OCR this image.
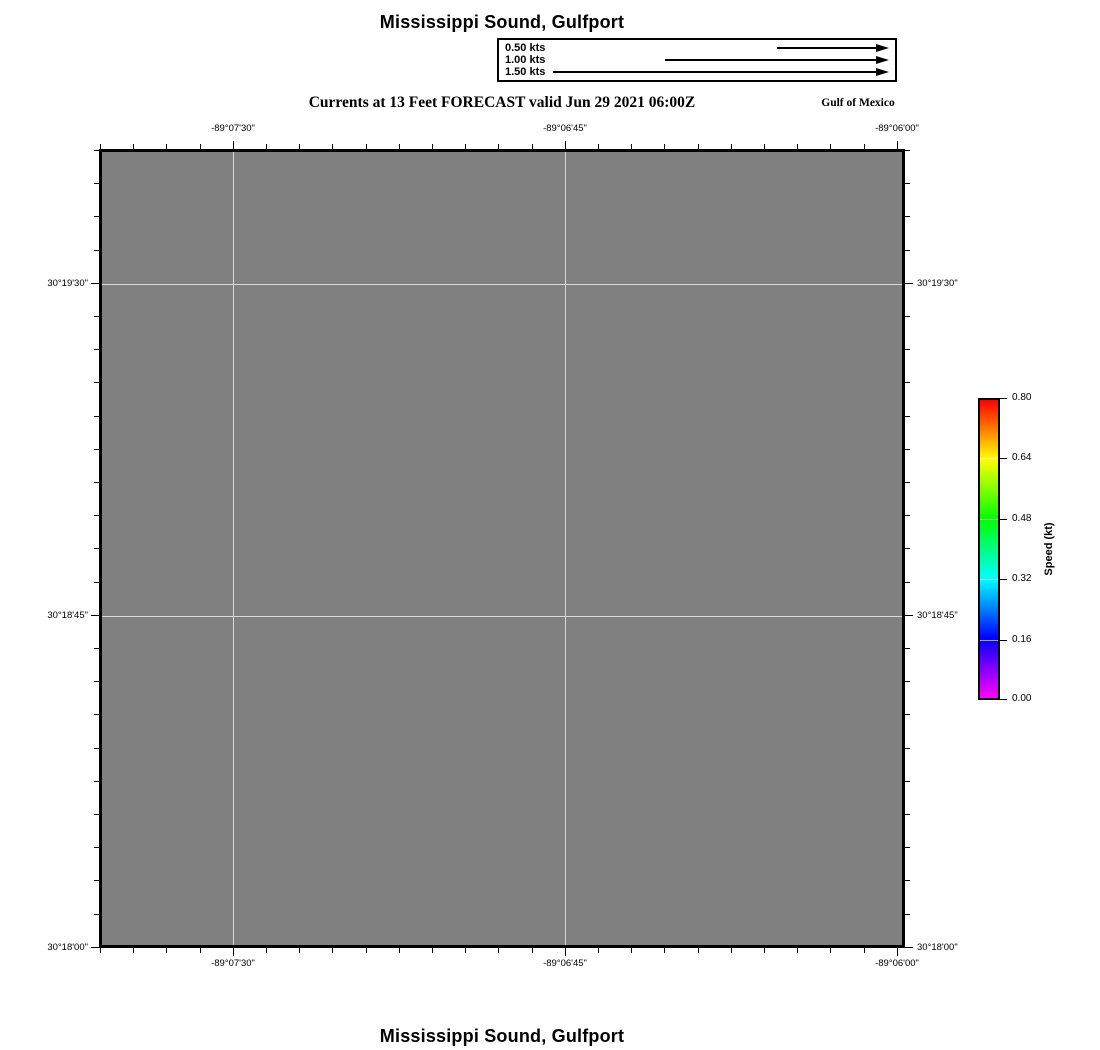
Mississippi Sound, Gulfport
0.50 kts
1.00 kts
1.50 kts
Currents at 13 Feet FORECAST valid Jun 29 2021 06:00Z	Gulf of Mexico
-89°07'30"	-89°06'45"	-89°06'00"
-89°07'30"	-89°06'45"	-89°06'00"
30°19'30"
30°18'45"
30°18'00"
30°19'30"
30°18'45"
30°18'00"
0.80
0.64
0.48
0.32
0.16
0.00
Speed (kt)
Mississippi Sound, Gulfport
